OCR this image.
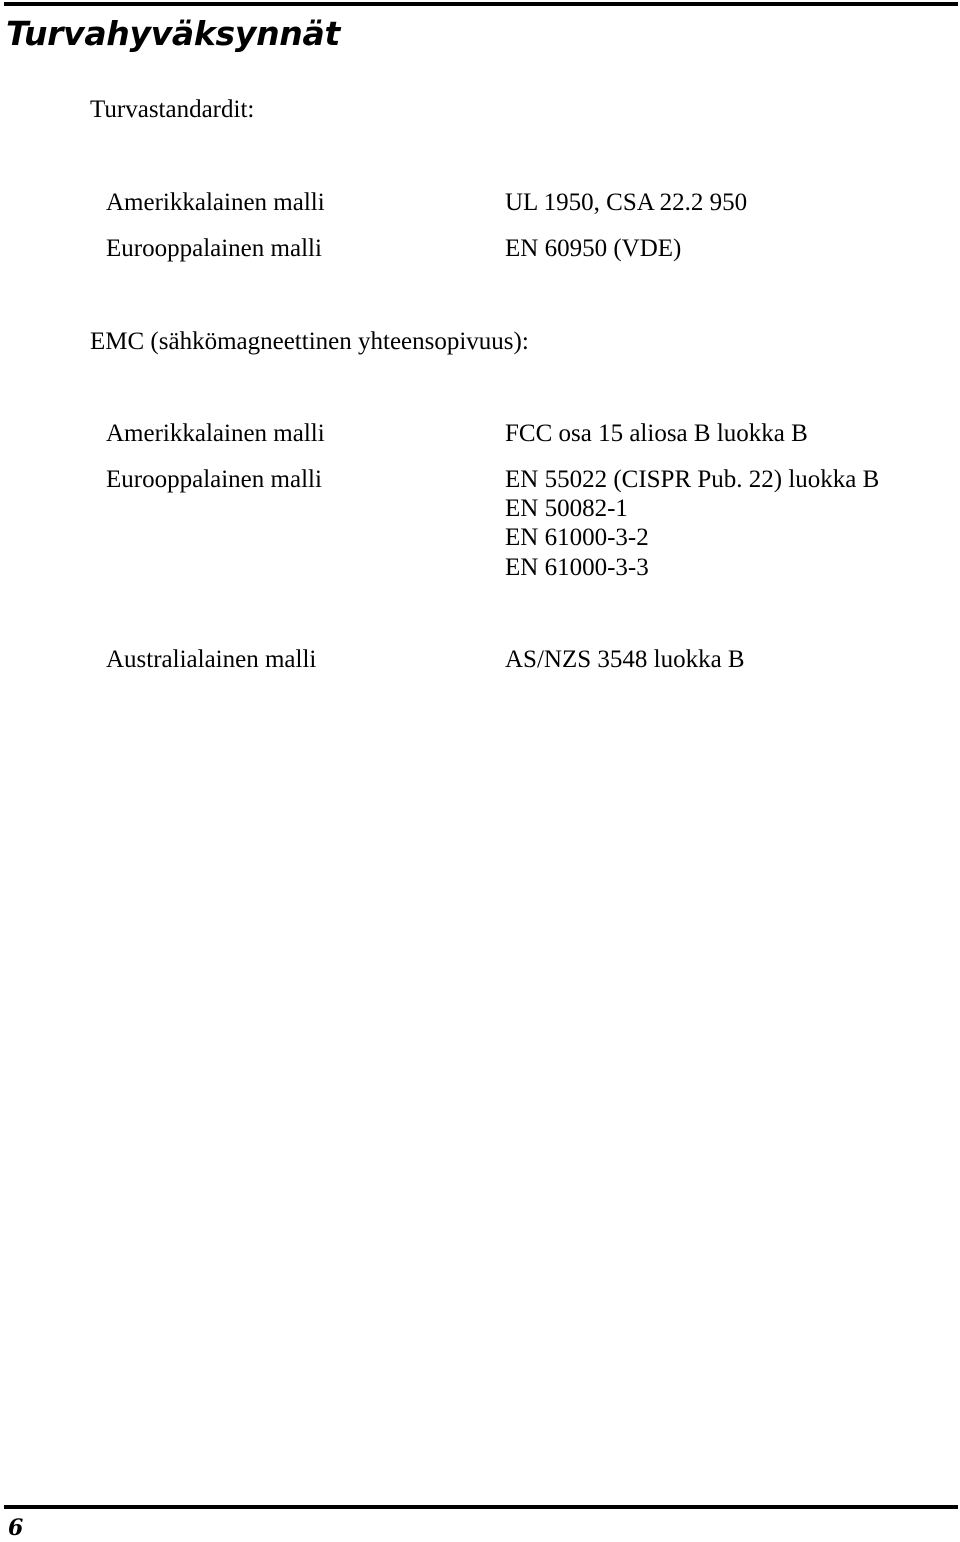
Turvahyväksynnät
Turvastandardit:
Amerikkalainen malli	UL 1950, CSA 22.2 950
Eurooppalainen malli	EN 60950 (VDE)
EMC (sähkömagneettinen yhteensopivuus):
Amerikkalainen malli	FCC osa 15 aliosa B luokka B
Eurooppalainen malli	EN 55022 (CISPR Pub. 22) luokka B
EN 50082-1
EN 61000-3-2
EN 61000-3-3
Australialainen malli	AS/NZS 3548 luokka B
6
